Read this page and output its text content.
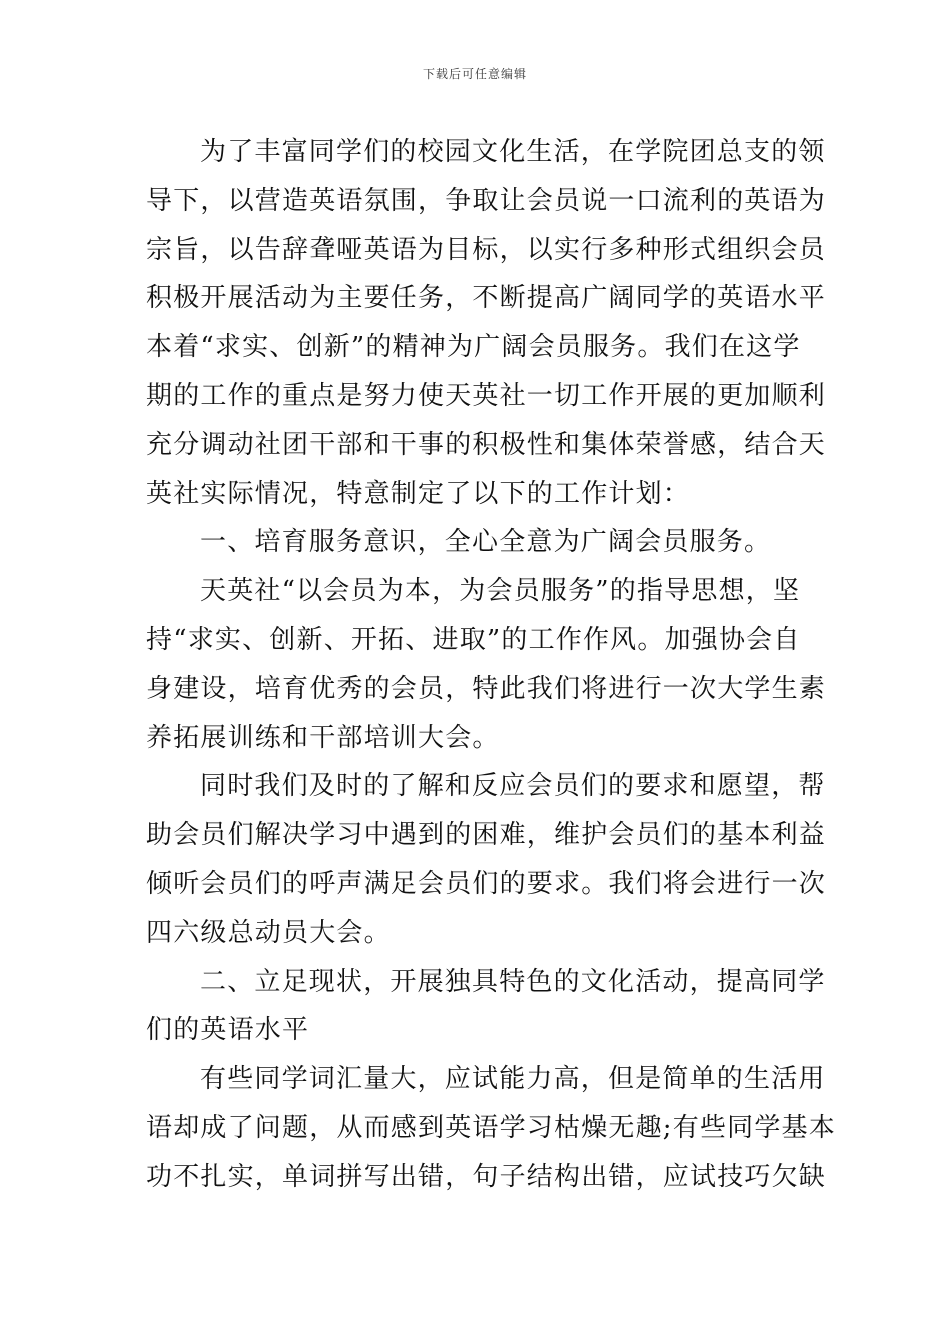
下载后可任意编辑
为了丰富同学们的校园文化生活，在学院团总支的领
导下，以营造英语氛围，争取让会员说一口流利的英语为
宗旨，以告辞聋哑英语为目标，以实行多种形式组织会员
积极开展活动为主要任务，不断提高广阔同学的英语水平
本着“求实、创新”的精神为广阔会员服务。我们在这学
期的工作的重点是努力使天英社一切工作开展的更加顺利
充分调动社团干部和干事的积极性和集体荣誉感，结合天
英社实际情况，特意制定了以下的工作计划：
一、培育服务意识，全心全意为广阔会员服务。
天英社“以会员为本，为会员服务”的指导思想，坚
持“求实、创新、开拓、进取”的工作作风。加强协会自
身建设，培育优秀的会员，特此我们将进行一次大学生素
养拓展训练和干部培训大会。
同时我们及时的了解和反应会员们的要求和愿望，帮
助会员们解决学习中遇到的困难，维护会员们的基本利益
倾听会员们的呼声满足会员们的要求。我们将会进行一次
四六级总动员大会。
二、立足现状，开展独具特色的文化活动，提高同学
们的英语水平
有些同学词汇量大，应试能力高，但是简单的生活用
语却成了问题，从而感到英语学习枯燥无趣;有些同学基本
功不扎实，单词拼写出错，句子结构出错，应试技巧欠缺
